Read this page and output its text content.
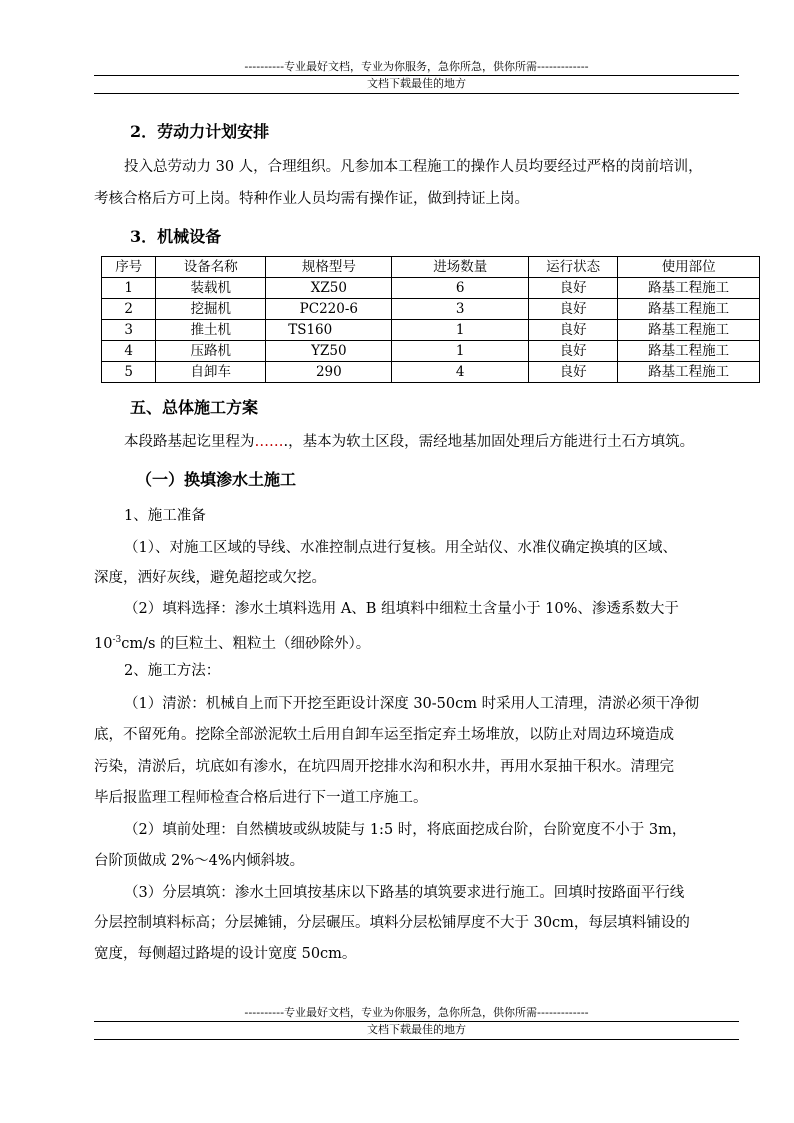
----------专业最好文档，专业为你服务，急你所急，供你所需-------------
文档下载最佳的地方
2．劳动力计划安排
投入总劳动力 30 人，合理组织。凡参加本工程施工的操作人员均要经过严格的岗前培训，
考核合格后方可上岗。特种作业人员均需有操作证，做到持证上岗。
3．机械设备
序号	设备名称	规格型号	进场数量	运行状态	使用部位
1	装载机	XZ50	6	良好	路基工程施工
2	挖掘机	PC220-6	3	良好	路基工程施工
3	推土机	TS160	1	良好	路基工程施工
4	压路机	YZ50	1	良好	路基工程施工
5	自卸车	290	4	良好	路基工程施工
五、总体施工方案
本段路基起讫里程为…….，基本为软土区段，需经地基加固处理后方能进行土石方填筑。
（一）换填渗水土施工
1、施工准备
（1）、对施工区域的导线、水准控制点进行复核。用全站仪、水准仪确定换填的区域、
深度，洒好灰线，避免超挖或欠挖。
（2）填料选择：渗水土填料选用 A、B 组填料中细粒土含量小于 10%、渗透系数大于
$10^{-3}cm/s$ 的巨粒土、粗粒土（细砂除外）。
2、施工方法：
（1）清淤：机械自上而下开挖至距设计深度 30-50cm 时采用人工清理，清淤必须干净彻
底，不留死角。挖除全部淤泥软土后用自卸车运至指定弃土场堆放，以防止对周边环境造成
污染，清淤后，坑底如有渗水，在坑四周开挖排水沟和积水井，再用水泵抽干积水。清理完
毕后报监理工程师检查合格后进行下一道工序施工。
（2）填前处理：自然横坡或纵坡陡与 1:5 时，将底面挖成台阶，台阶宽度不小于 3m，
台阶顶做成 2%～4%内倾斜坡。
（3）分层填筑：渗水土回填按基床以下路基的填筑要求进行施工。回填时按路面平行线
分层控制填料标高；分层摊铺，分层碾压。填料分层松铺厚度不大于 30cm，每层填料铺设的
宽度，每侧超过路堤的设计宽度 50cm。
----------专业最好文档，专业为你服务，急你所急，供你所需-------------
文档下载最佳的地方
